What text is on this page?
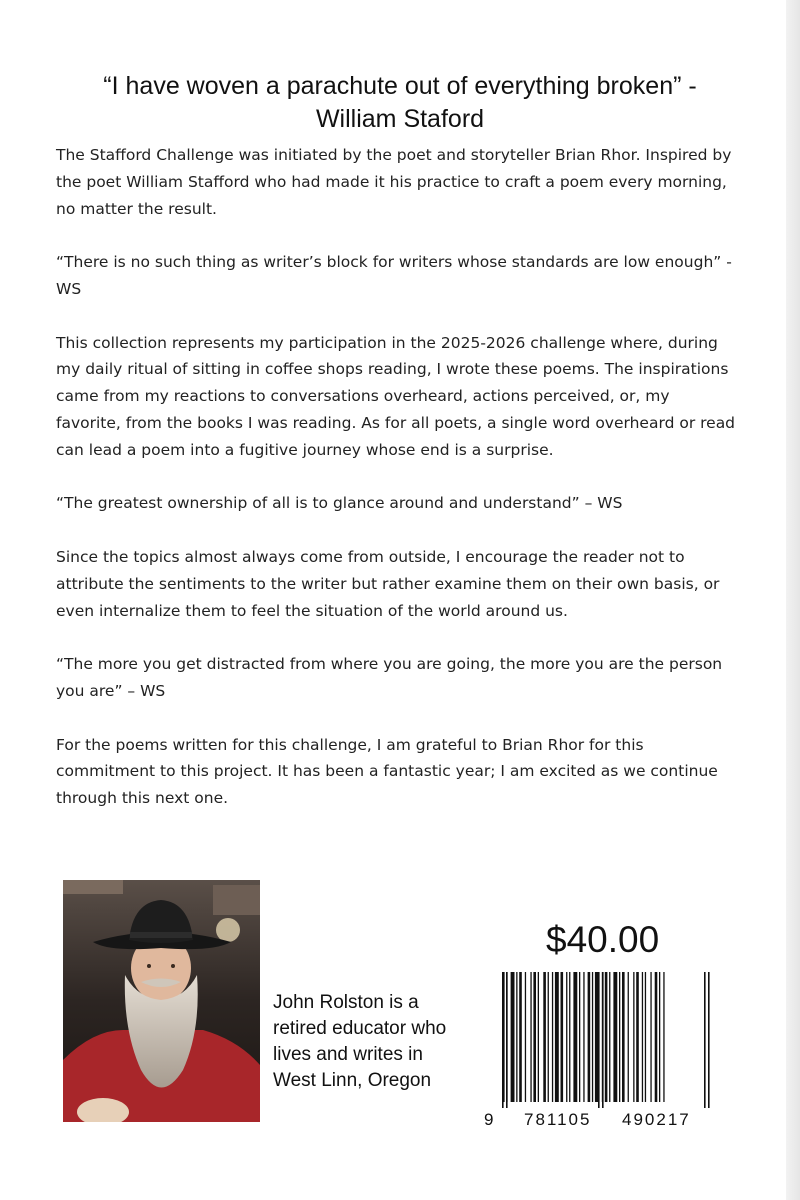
“I have woven a parachute out of everything broken” -
William Staford

The Stafford Challenge was initiated by the poet and storyteller Brian Rhor. Inspired by the poet William Stafford who had made it his practice to craft a poem every morning, no matter the result.

“There is no such thing as writer’s block for writers whose standards are low enough” -WS

This collection represents my participation in the 2025-2026 challenge where, during my daily ritual of sitting in coffee shops reading, I wrote these poems. The inspirations came from my reactions to conversations overheard, actions perceived, or, my favorite, from the books I was reading. As for all poets, a single word overheard or read can lead a poem into a fugitive journey whose end is a surprise.

“The greatest ownership of all is to glance around and understand” – WS

Since the topics almost always come from outside, I encourage the reader not to attribute the sentiments to the writer but rather examine them on their own basis, or even internalize them to feel the situation of the world around us.

“The more you get distracted from where you are going, the more you are the person you are” – WS

For the poems written for this challenge, I am grateful to Brian Rhor for this commitment to this project. It has been a fantastic year; I am excited as we continue through this next one.

John Rolston is a retired educator who lives and writes in West Linn, Oregon
$40.00
9 781105 490217
